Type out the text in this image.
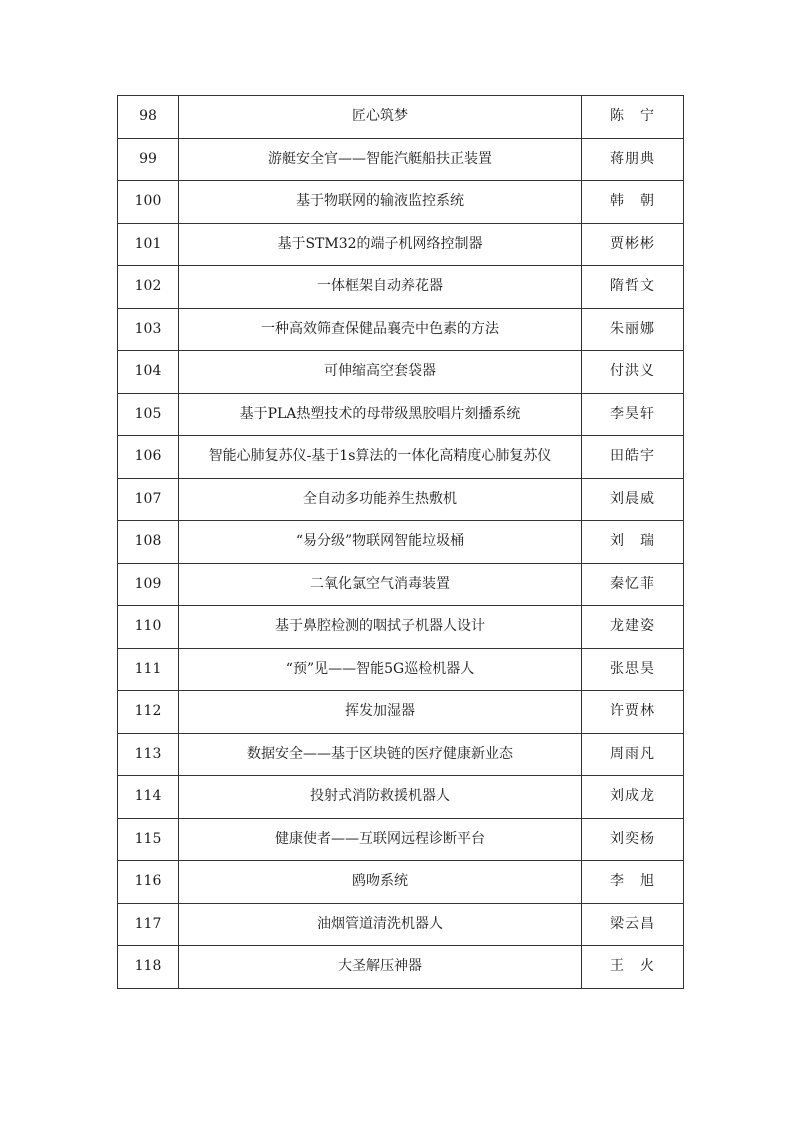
98	匠心筑梦	陈　宁
99	游艇安全官——智能汽艇船扶正装置	蒋朋典
100	基于物联网的输液监控系统	韩　朝
101	基于STM32的端子机网络控制器	贾彬彬
102	一体框架自动养花器	隋哲文
103	一种高效筛查保健品襄壳中色素的方法	朱丽娜
104	可伸缩高空套袋器	付洪义
105	基于PLA热塑技术的母带级黑胶唱片刻播系统	李昊轩
106	智能心肺复苏仪-基于1s算法的一体化高精度心肺复苏仪	田皓宇
107	全自动多功能养生热敷机	刘晨威
108	“易分级”物联网智能垃圾桶	刘　瑞
109	二氧化氯空气消毒装置	秦忆菲
110	基于鼻腔检测的咽拭子机器人设计	龙建姿
111	“预”见——智能5G巡检机器人	张思昊
112	挥发加湿器	许贾林
113	数据安全——基于区块链的医疗健康新业态	周雨凡
114	投射式消防救援机器人	刘成龙
115	健康使者——互联网远程诊断平台	刘奕杨
116	鸥吻系统	李　旭
117	油烟管道清洗机器人	梁云昌
118	大圣解压神器	王　火
